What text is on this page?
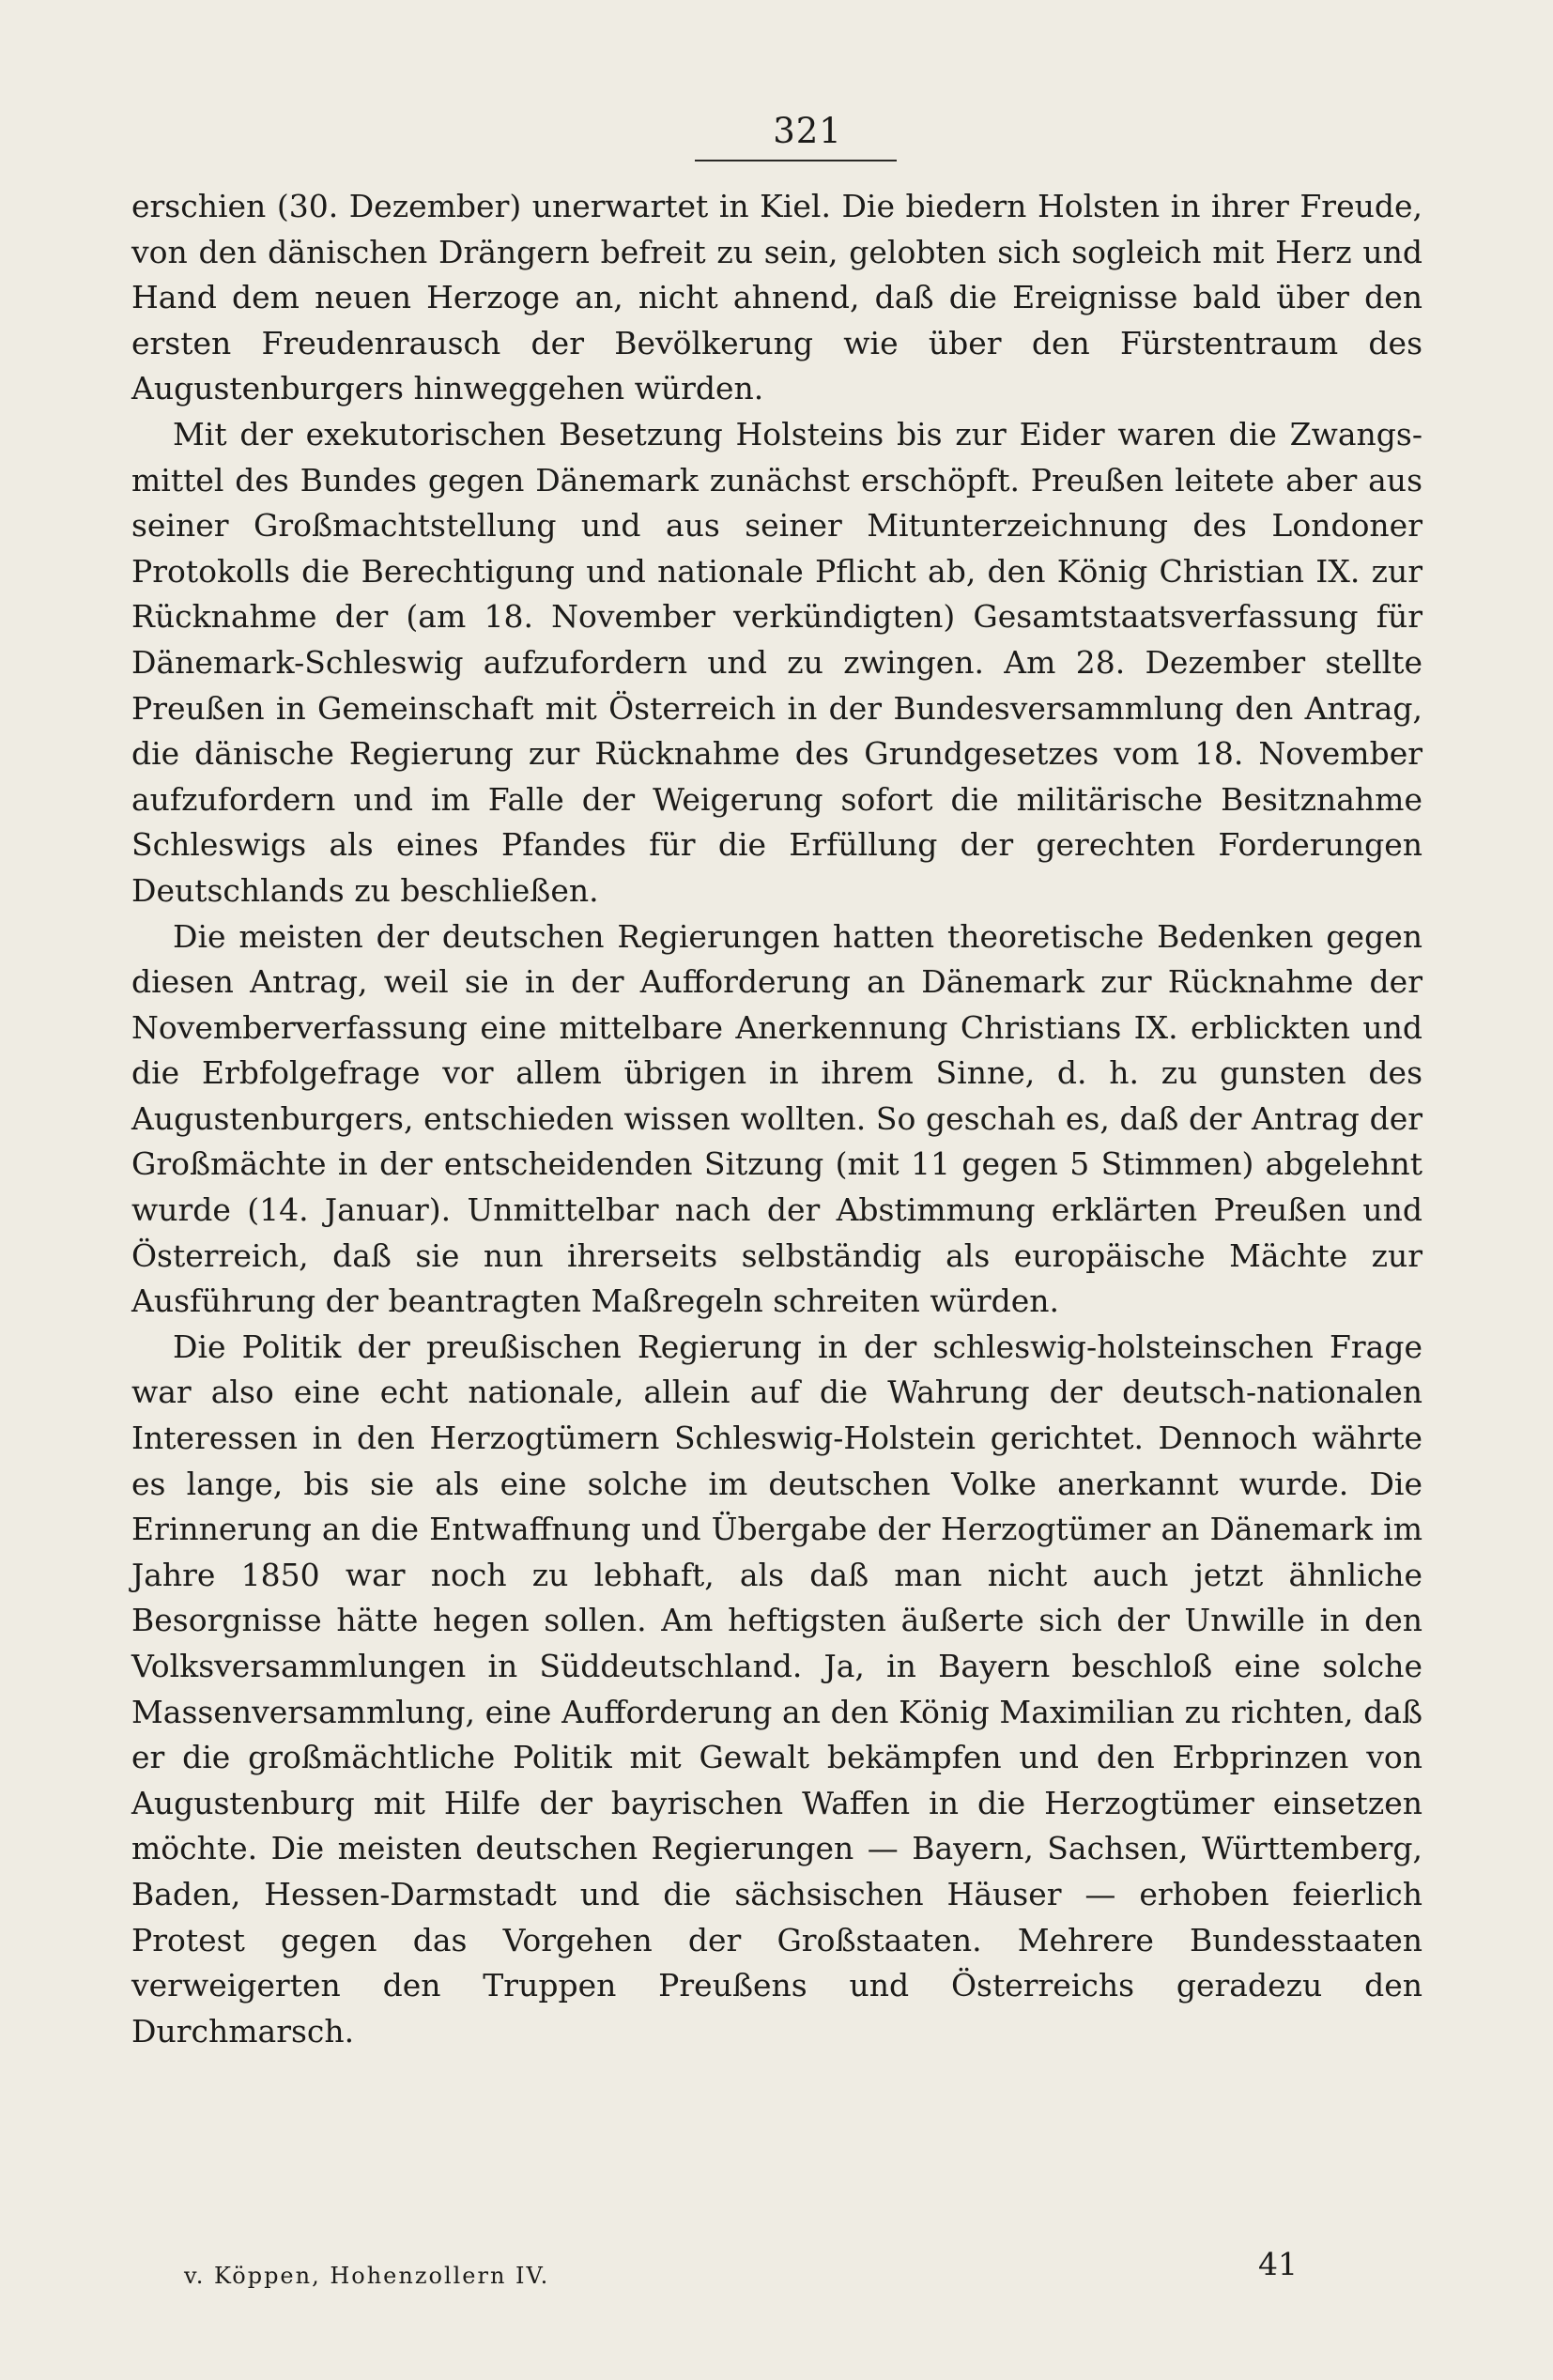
321

erschien (30. Dezember) unerwartet in Kiel. Die biedern Holsten in ihrer Freude, von den dänischen Drängern befreit zu sein, gelobten sich sogleich mit Herz und Hand dem neuen Herzoge an, nicht ahnend, daß die Ereignisse bald über den ersten Freudenrausch der Bevölkerung wie über den Fürstentraum des Augustenburgers hinweggehen würden.

Mit der exekutorischen Besetzung Holsteins bis zur Eider waren die Zwangsmittel des Bundes gegen Dänemark zunächst erschöpft. Preußen leitete aber aus seiner Großmachtstellung und aus seiner Mitunterzeichnung des Londoner Protokolls die Berechtigung und nationale Pflicht ab, den König Christian IX. zur Rücknahme der (am 18. November verkündigten) Gesamtstaatsverfassung für Dänemark-Schleswig aufzufordern und zu zwingen. Am 28. Dezember stellte Preußen in Gemeinschaft mit Österreich in der Bundesversammlung den Antrag, die dänische Regierung zur Rücknahme des Grundgesetzes vom 18. November aufzufordern und im Falle der Weigerung sofort die militärische Besitznahme Schleswigs als eines Pfandes für die Erfüllung der gerechten Forderungen Deutschlands zu beschließen.

Die meisten der deutschen Regierungen hatten theoretische Bedenken gegen diesen Antrag, weil sie in der Aufforderung an Dänemark zur Rücknahme der Novemberverfassung eine mittelbare Anerkennung Christians IX. erblickten und die Erbfolgefrage vor allem übrigen in ihrem Sinne, d. h. zu gunsten des Augustenburgers, entschieden wissen wollten. So geschah es, daß der Antrag der Großmächte in der entscheidenden Sitzung (mit 11 gegen 5 Stimmen) abgelehnt wurde (14. Januar). Unmittelbar nach der Abstimmung erklärten Preußen und Österreich, daß sie nun ihrerseits selbständig als europäische Mächte zur Ausführung der beantragten Maßregeln schreiten würden.

Die Politik der preußischen Regierung in der schleswig-holsteinschen Frage war also eine echt nationale, allein auf die Wahrung der deutsch-nationalen Interessen in den Herzogtümern Schleswig-Holstein gerichtet. Dennoch währte es lange, bis sie als eine solche im deutschen Volke anerkannt wurde. Die Erinnerung an die Entwaffnung und Übergabe der Herzogtümer an Dänemark im Jahre 1850 war noch zu lebhaft, als daß man nicht auch jetzt ähnliche Besorgnisse hätte hegen sollen. Am heftigsten äußerte sich der Unwille in den Volksversammlungen in Süddeutschland. Ja, in Bayern beschloß eine solche Massenversammlung, eine Aufforderung an den König Maximilian zu richten, daß er die großmächtliche Politik mit Gewalt bekämpfen und den Erbprinzen von Augustenburg mit Hilfe der bayrischen Waffen in die Herzogtümer einsetzen möchte. Die meisten deutschen Regierungen — Bayern, Sachsen, Württemberg, Baden, Hessen-Darmstadt und die sächsischen Häuser — erhoben feierlich Protest gegen das Vorgehen der Großstaaten. Mehrere Bundesstaaten verweigerten den Truppen Preußens und Österreichs geradezu den Durchmarsch.

v. Köppen, Hohenzollern IV.	41
